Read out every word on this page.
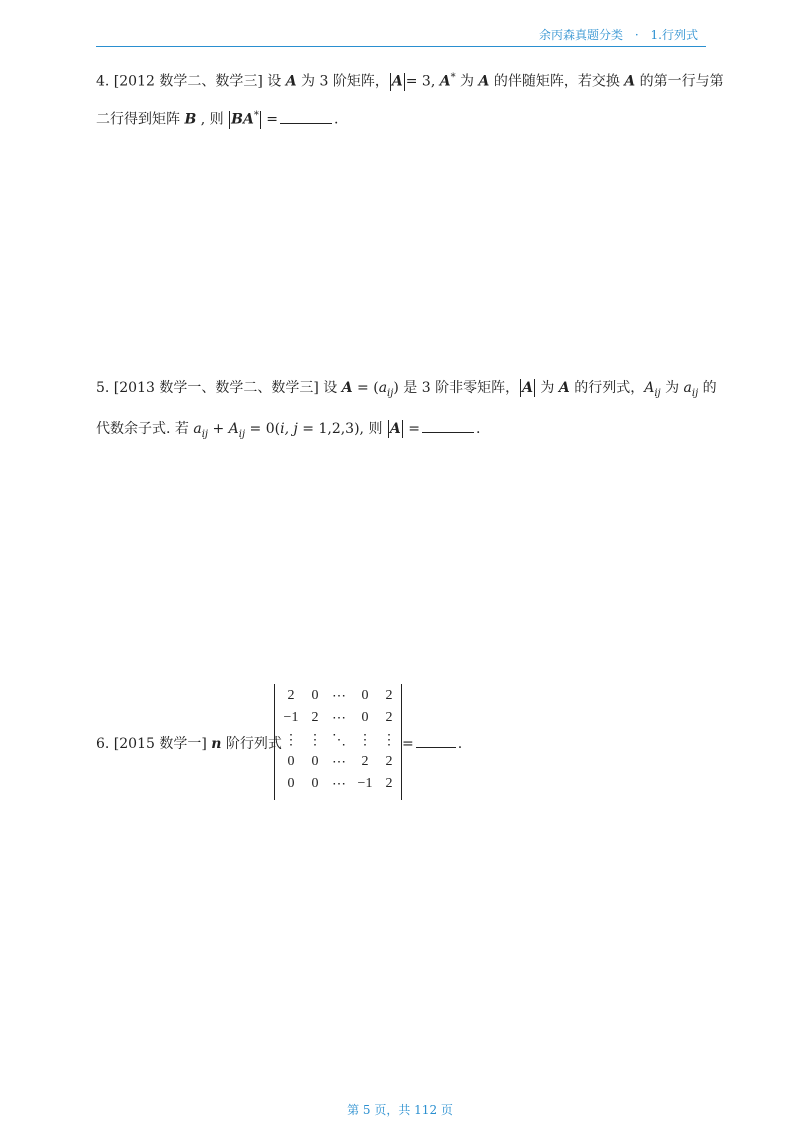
余丙森真题分类 · 1.行列式
4. [2012 数学二、数学三] 设 A 为 3 阶矩阵， A = 3, A* 为 A 的伴随矩阵，若交换 A 的第一行与第
二行得到矩阵 B , 则 BA* =	.
5. [2013 数学一、数学二、数学三] 设 $A = (a_{ij})$ 是 3 阶非零矩阵， A 为 A 的行列式，$A_{ij}$ 为 $a_{ij}$ 的
代数余子式. 若 $a_{ij} + A_{ij} = 0(i$, j = 1,2,3), 则 A =	.
6. [2015 数学一] n 阶行列式
2	0 ⋯	0	2
−1 2 ⋯	0	2
⋮ ⋮ ⋱ ⋮ ⋮
0	0 ⋯	2	2
0	0 ⋯ −1 2
=	.
第 5 页，共 112 页
